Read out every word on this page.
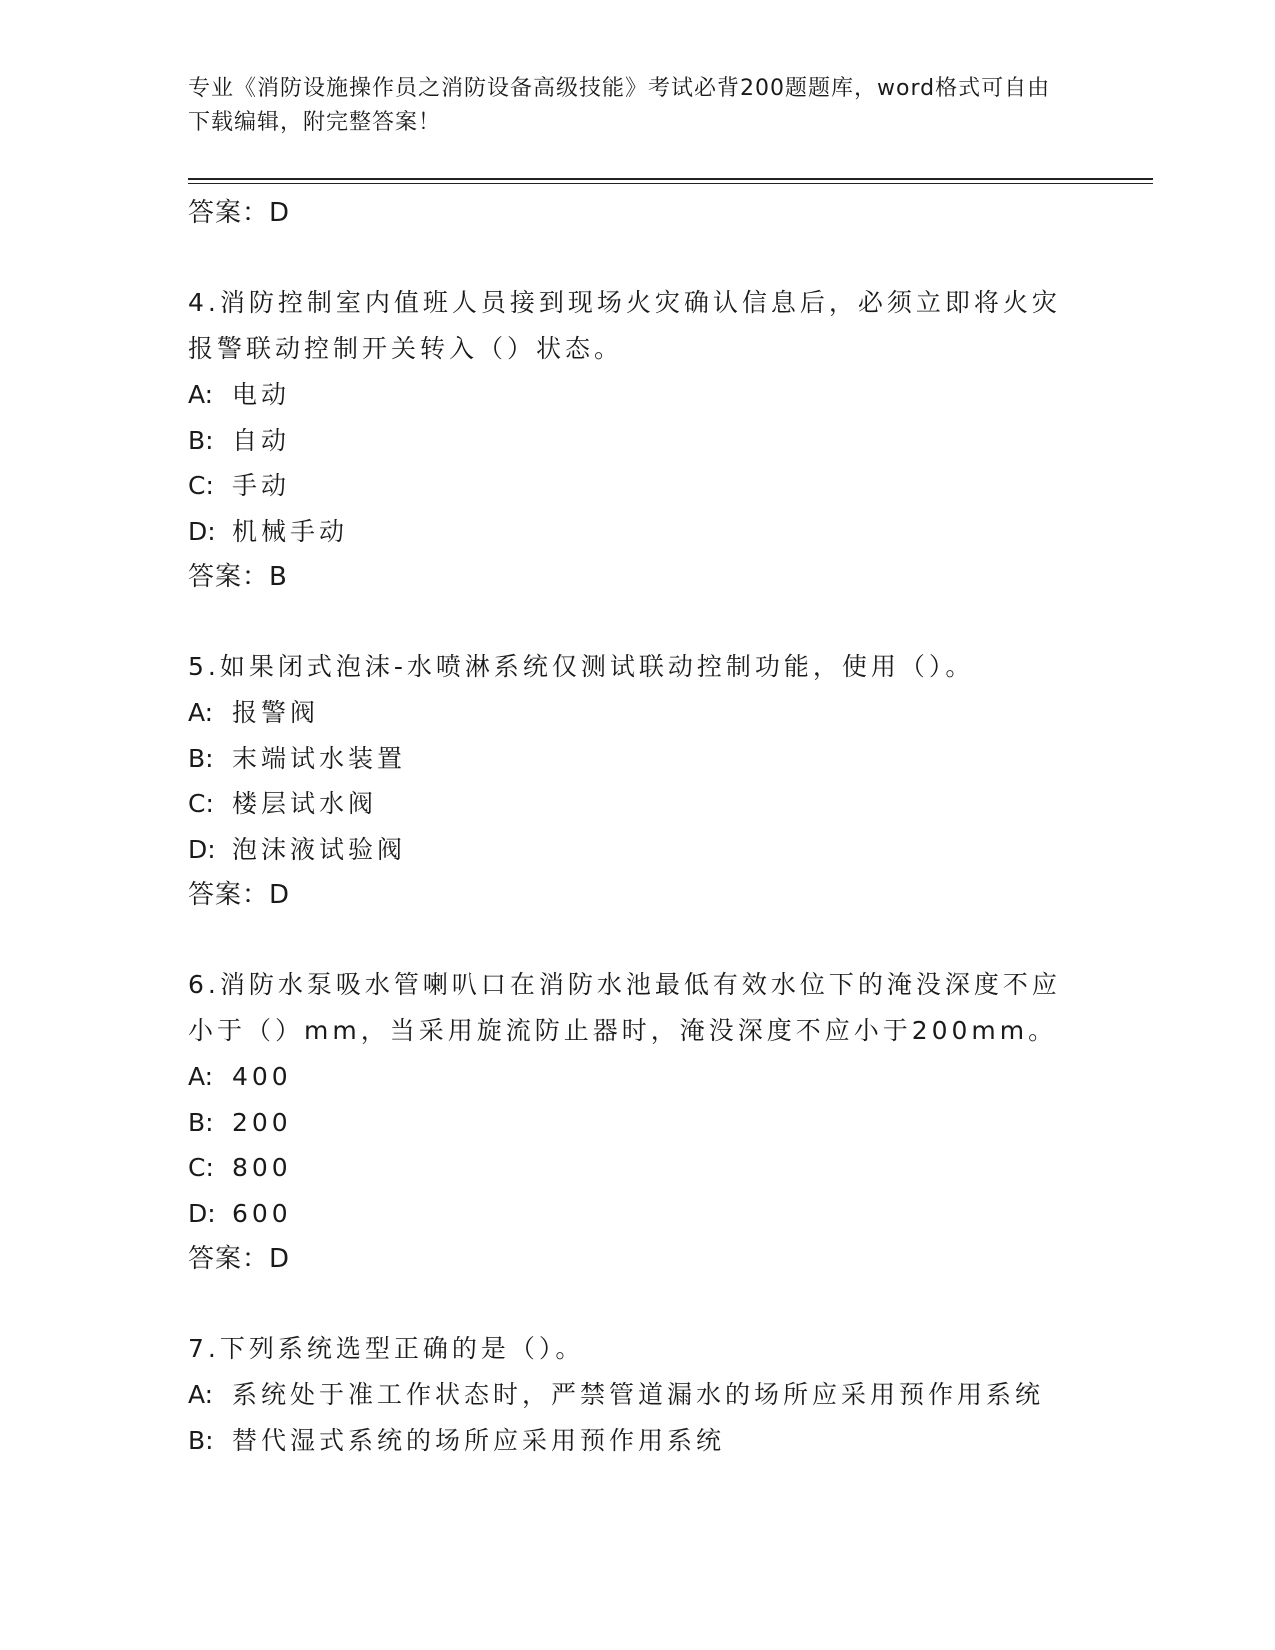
专业《消防设施操作员之消防设备高级技能》考试必背200题题库，word格式可自由下载编辑，附完整答案！
答案：D
4.消防控制室内值班人员接到现场火灾确认信息后，必须立即将火灾报警联动控制开关转入（）状态。
A: 电动
B: 自动
C: 手动
D: 机械手动
答案：B
5.如果闭式泡沫-水喷淋系统仅测试联动控制功能，使用（）。
A: 报警阀
B: 末端试水装置
C: 楼层试水阀
D: 泡沫液试验阀
答案：D
6.消防水泵吸水管喇叭口在消防水池最低有效水位下的淹没深度不应小于（）mm，当采用旋流防止器时，淹没深度不应小于200mm。
A: 400
B: 200
C: 800
D: 600
答案：D
7.下列系统选型正确的是（）。
A: 系统处于准工作状态时，严禁管道漏水的场所应采用预作用系统
B: 替代湿式系统的场所应采用预作用系统
